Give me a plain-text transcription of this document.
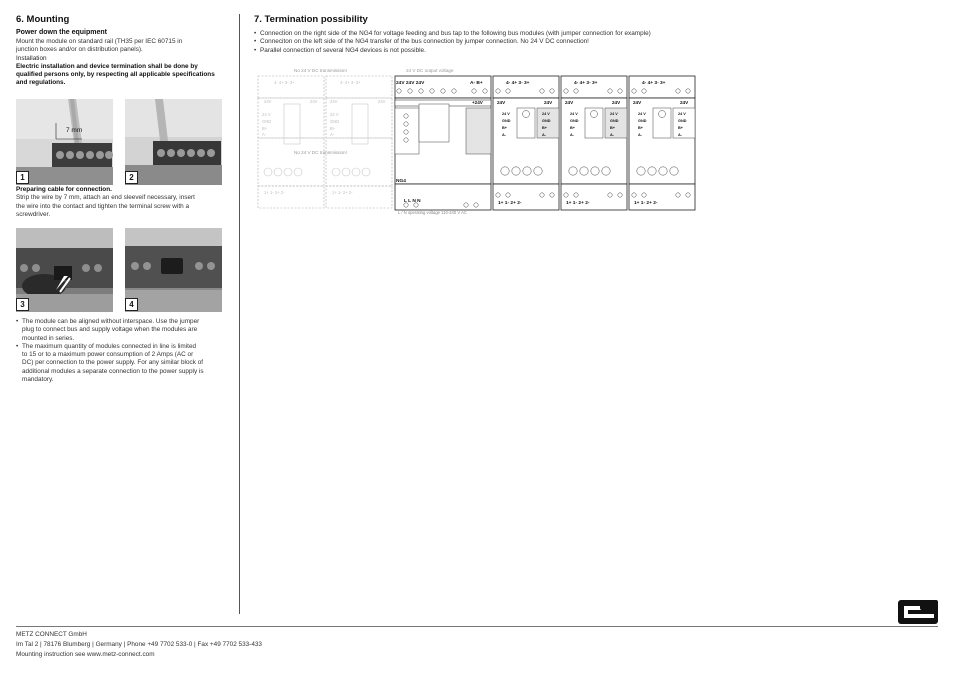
6. Mounting
Power down the equipment
Mount the module on standard rail (TH35 per IEC 60715 in
junction boxes and/or on distribution panels).
Installation
Electric installation and device termination shall be done by
qualified persons only, by respecting all applicable specifications
and regulations.
7 mm
1	2
Preparing cable for connection.
Strip the wire by 7 mm, attach an end sleeveif necessary, insert
the wire into the contact and tighten the terminal screw with a
screwdriver.
3	4
• The module can be aligned without interspace. Use the jumper
plug to connect bus and supply voltage when the modules are
mounted in series.
• The maximum quantity of modules connected in line is limited
to 15 or to a maximum power consumption of 2 Amps (AC or
DC) per connection to the power supply. For any similar block of
additional modules a separate connection to the power supply is
mandatory.
7. Termination possibility
• Connection on the right side of the NG4 for voltage feeding and bus tap to the following bus modules (with jumper connection for example)
• Conneciton on the left side of the NG4 transfer of the bus connection by jumper connection. No 24 V DC connection!
• Parallel connection of several NG4 devices is not possible.
4- 4+ 3- 3+	4- 4+ 3- 3+
24V	24V	24V	24V
24 V
GND
B+
A-
24 V
GND
B+
A-
1+ 1- 2+ 2-	1+ 1- 2+ 2-
No 24 V DC transmission!
No 24 V DC transmission!
24V 24V 24V	A- B+
+24V
NG4
L L N N
L / N operating voltage 110-240 V AC
24 V DC output voltage
4- 4+ 3- 3+
24V	24V
1+ 1- 2+ 2-
4- 4+ 3- 3+
24V	24V
1+ 1- 2+ 2-
4- 4+ 3- 3+
24V	24V
1+ 1- 2+ 2-
24 V
GND
B+
A-
24 V
GND
B+
A-
24 V
GND
B+
A-
24 V
GND
B+
A-
24 V
GND
B+
A-
24 V
GND
B+
A-
METZ CONNECT GmbH
Im Tal 2 | 78176 Blumberg | Germany | Phone +49 7702 533-0 | Fax +49 7702 533-433
Mounting instruction see www.metz-connect.com
